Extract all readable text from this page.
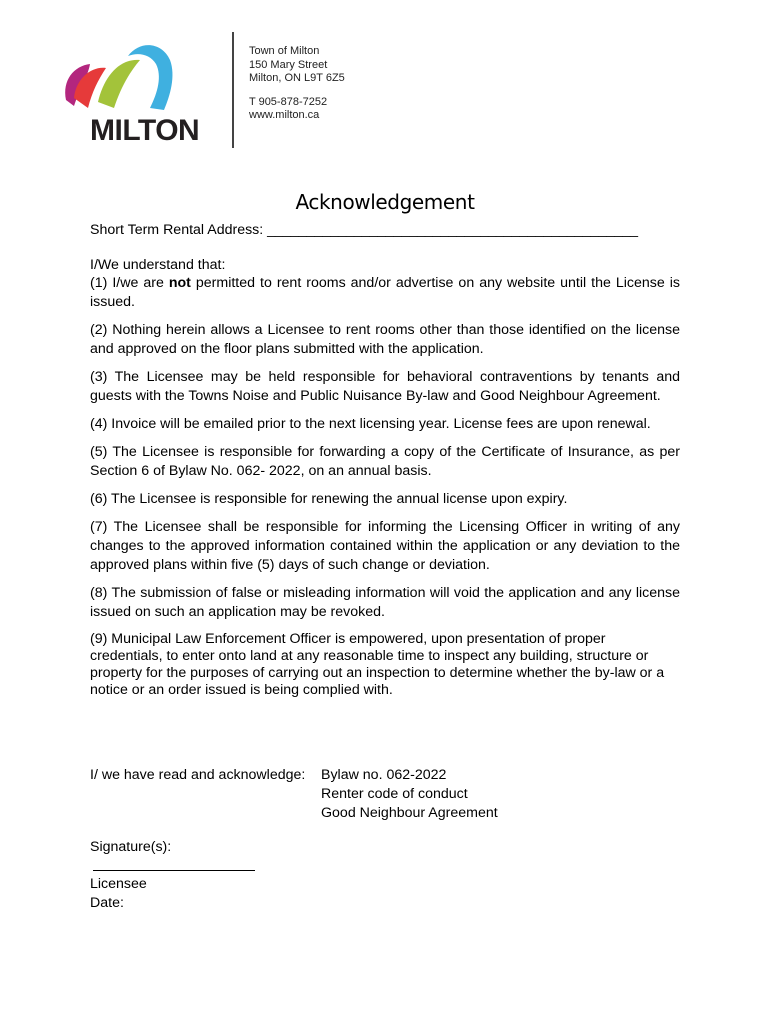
MILTON
Town of Milton
150 Mary Street
Milton, ON L9T 6Z5
T 905-878-7252
www.milton.ca
Acknowledgement
Short Term Rental Address: _______________________________________________
I/We understand that:

(1) I/we are not permitted to rent rooms and/or advertise on any website until the License is issued.

(2) Nothing herein allows a Licensee to rent rooms other than those identified on the license and approved on the floor plans submitted with the application.

(3) The Licensee may be held responsible for behavioral contraventions by tenants and guests with the Towns Noise and Public Nuisance By-law and Good Neighbour Agreement.

(4) Invoice will be emailed prior to the next licensing year. License fees are upon renewal.

(5) The Licensee is responsible for forwarding a copy of the Certificate of Insurance, as per Section 6 of Bylaw No. 062- 2022, on an annual basis.

(6) The Licensee is responsible for renewing the annual license upon expiry.

(7) The Licensee shall be responsible for informing the Licensing Officer in writing of any changes to the approved information contained within the application or any deviation to the approved plans within five (5) days of such change or deviation.

(8) The submission of false or misleading information will void the application and any license issued on such an application may be revoked.

(9) Municipal Law Enforcement Officer is empowered, upon presentation of proper credentials, to enter onto land at any reasonable time to inspect any building, structure or property for the purposes of carrying out an inspection to determine whether the by-law or a notice or an order issued is being complied with.

I/ we have read and acknowledge:	Bylaw no. 062-2022
Renter code of conduct
Good Neighbour Agreement
Signature(s):
Licensee
Date:
